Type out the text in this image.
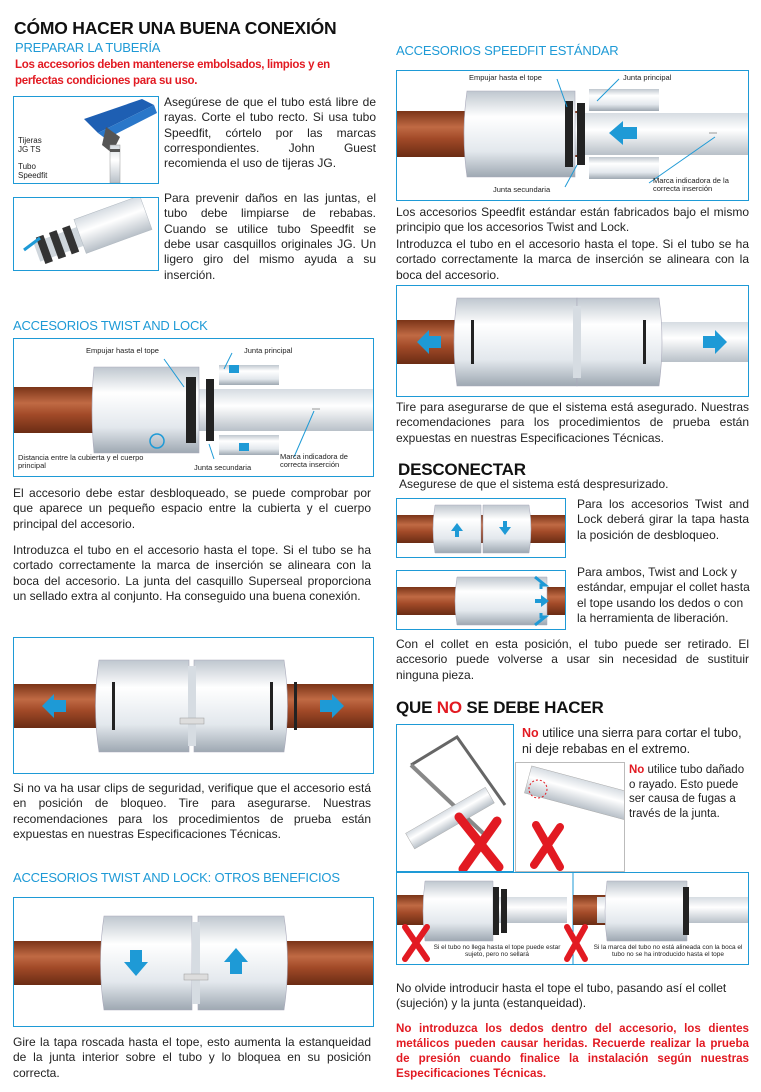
CÓMO HACER UNA BUENA CONEXIÓN
PREPARAR LA TUBERÍA
Los accesorios deben mantenerse embolsados, limpios y en perfectas condiciones para su uso.
Tijeras
JG TS
Tubo
Speedfit
Asegúrese de que el tubo está libre de rayas. Corte el tubo recto. Si usa tubo Speedfit, córtelo por las marcas correspondientes. John Guest recomienda el uso de tijeras JG.
Para prevenir daños en las juntas, el tubo debe limpiarse de rebabas. Cuando se utilice tubo Speedfit se debe usar casquillos originales JG. Un ligero giro del mismo ayuda a su inserción.
ACCESORIOS TWIST AND LOCK
Empujar hasta el tope	Junta principal
Distancia entre la cubierta y el cuerpo principal	Junta secundaria
Marca indicadora de correcta inserción
El accesorio debe estar desbloqueado, se puede comprobar por que aparece un pequeño espacio entre la cubierta y el cuerpo principal del accesorio.
Introduzca el tubo en el accesorio hasta el tope. Si el tubo se ha cortado correctamente la marca de inserción se alineara con la boca del accesorio. La junta del casquillo Superseal proporciona un sellado extra al conjunto. Ha conseguido una buena conexión.
Si no va ha usar clips de seguridad, verifique que el accesorio está en posición de bloqueo. Tire para asegurarse. Nuestras recomendaciones para los procedimientos de prueba están expuestas en nuestras Especificaciones Técnicas.
ACCESORIOS TWIST AND LOCK: OTROS BENEFICIOS
Gire la tapa roscada hasta el tope, esto aumenta la estanqueidad de la junta interior sobre el tubo y lo bloquea en su posición correcta.
ACCESORIOS SPEEDFIT ESTÁNDAR
Empujar hasta el tope	Junta principal
Junta secundaria
Marca indicadora de la correcta inserción
Los accesorios Speedfit estándar están fabricados bajo el mismo principio que los accesorios Twist and Lock.
Introduzca el tubo en el accesorio hasta el tope. Si el tubo se ha cortado correctamente la marca de inserción se alineara con la boca del accesorio.
Tire para asegurarse de que el sistema está asegurado. Nuestras recomendaciones para los procedimientos de prueba están expuestas en nuestras Especificaciones Técnicas.
DESCONECTAR
Asegurese de que el sistema está despresurizado.
Para los accesorios Twist and Lock deberá girar la tapa hasta la posición de desbloqueo.
Para ambos, Twist and Lock y estándar, empujar el collet hasta el tope usando los dedos o con la herramienta de liberación.
Con el collet en esta posición, el tubo puede ser retirado. El accesorio puede volverse a usar sin necesidad de sustituir ninguna pieza.
QUE NO SE DEBE HACER
No utilice una sierra para cortar el tubo, ni deje rebabas en el extremo.
No utilice tubo dañado o rayado. Esto puede ser causa de fugas a través de la junta.
Si el tubo no llega hasta el tope puede estar sujeto, pero no sellará
Si la marca del tubo no está alineada con la boca el tubo no se ha introducido hasta el tope
No olvide introducir hasta el tope el tubo, pasando así el collet (sujeción) y la junta (estanqueidad).
No introduzca los dedos dentro del accesorio, los dientes metálicos pueden causar heridas. Recuerde realizar la prueba de presión cuando finalice la instalación según nuestras Especificaciones Técnicas.
